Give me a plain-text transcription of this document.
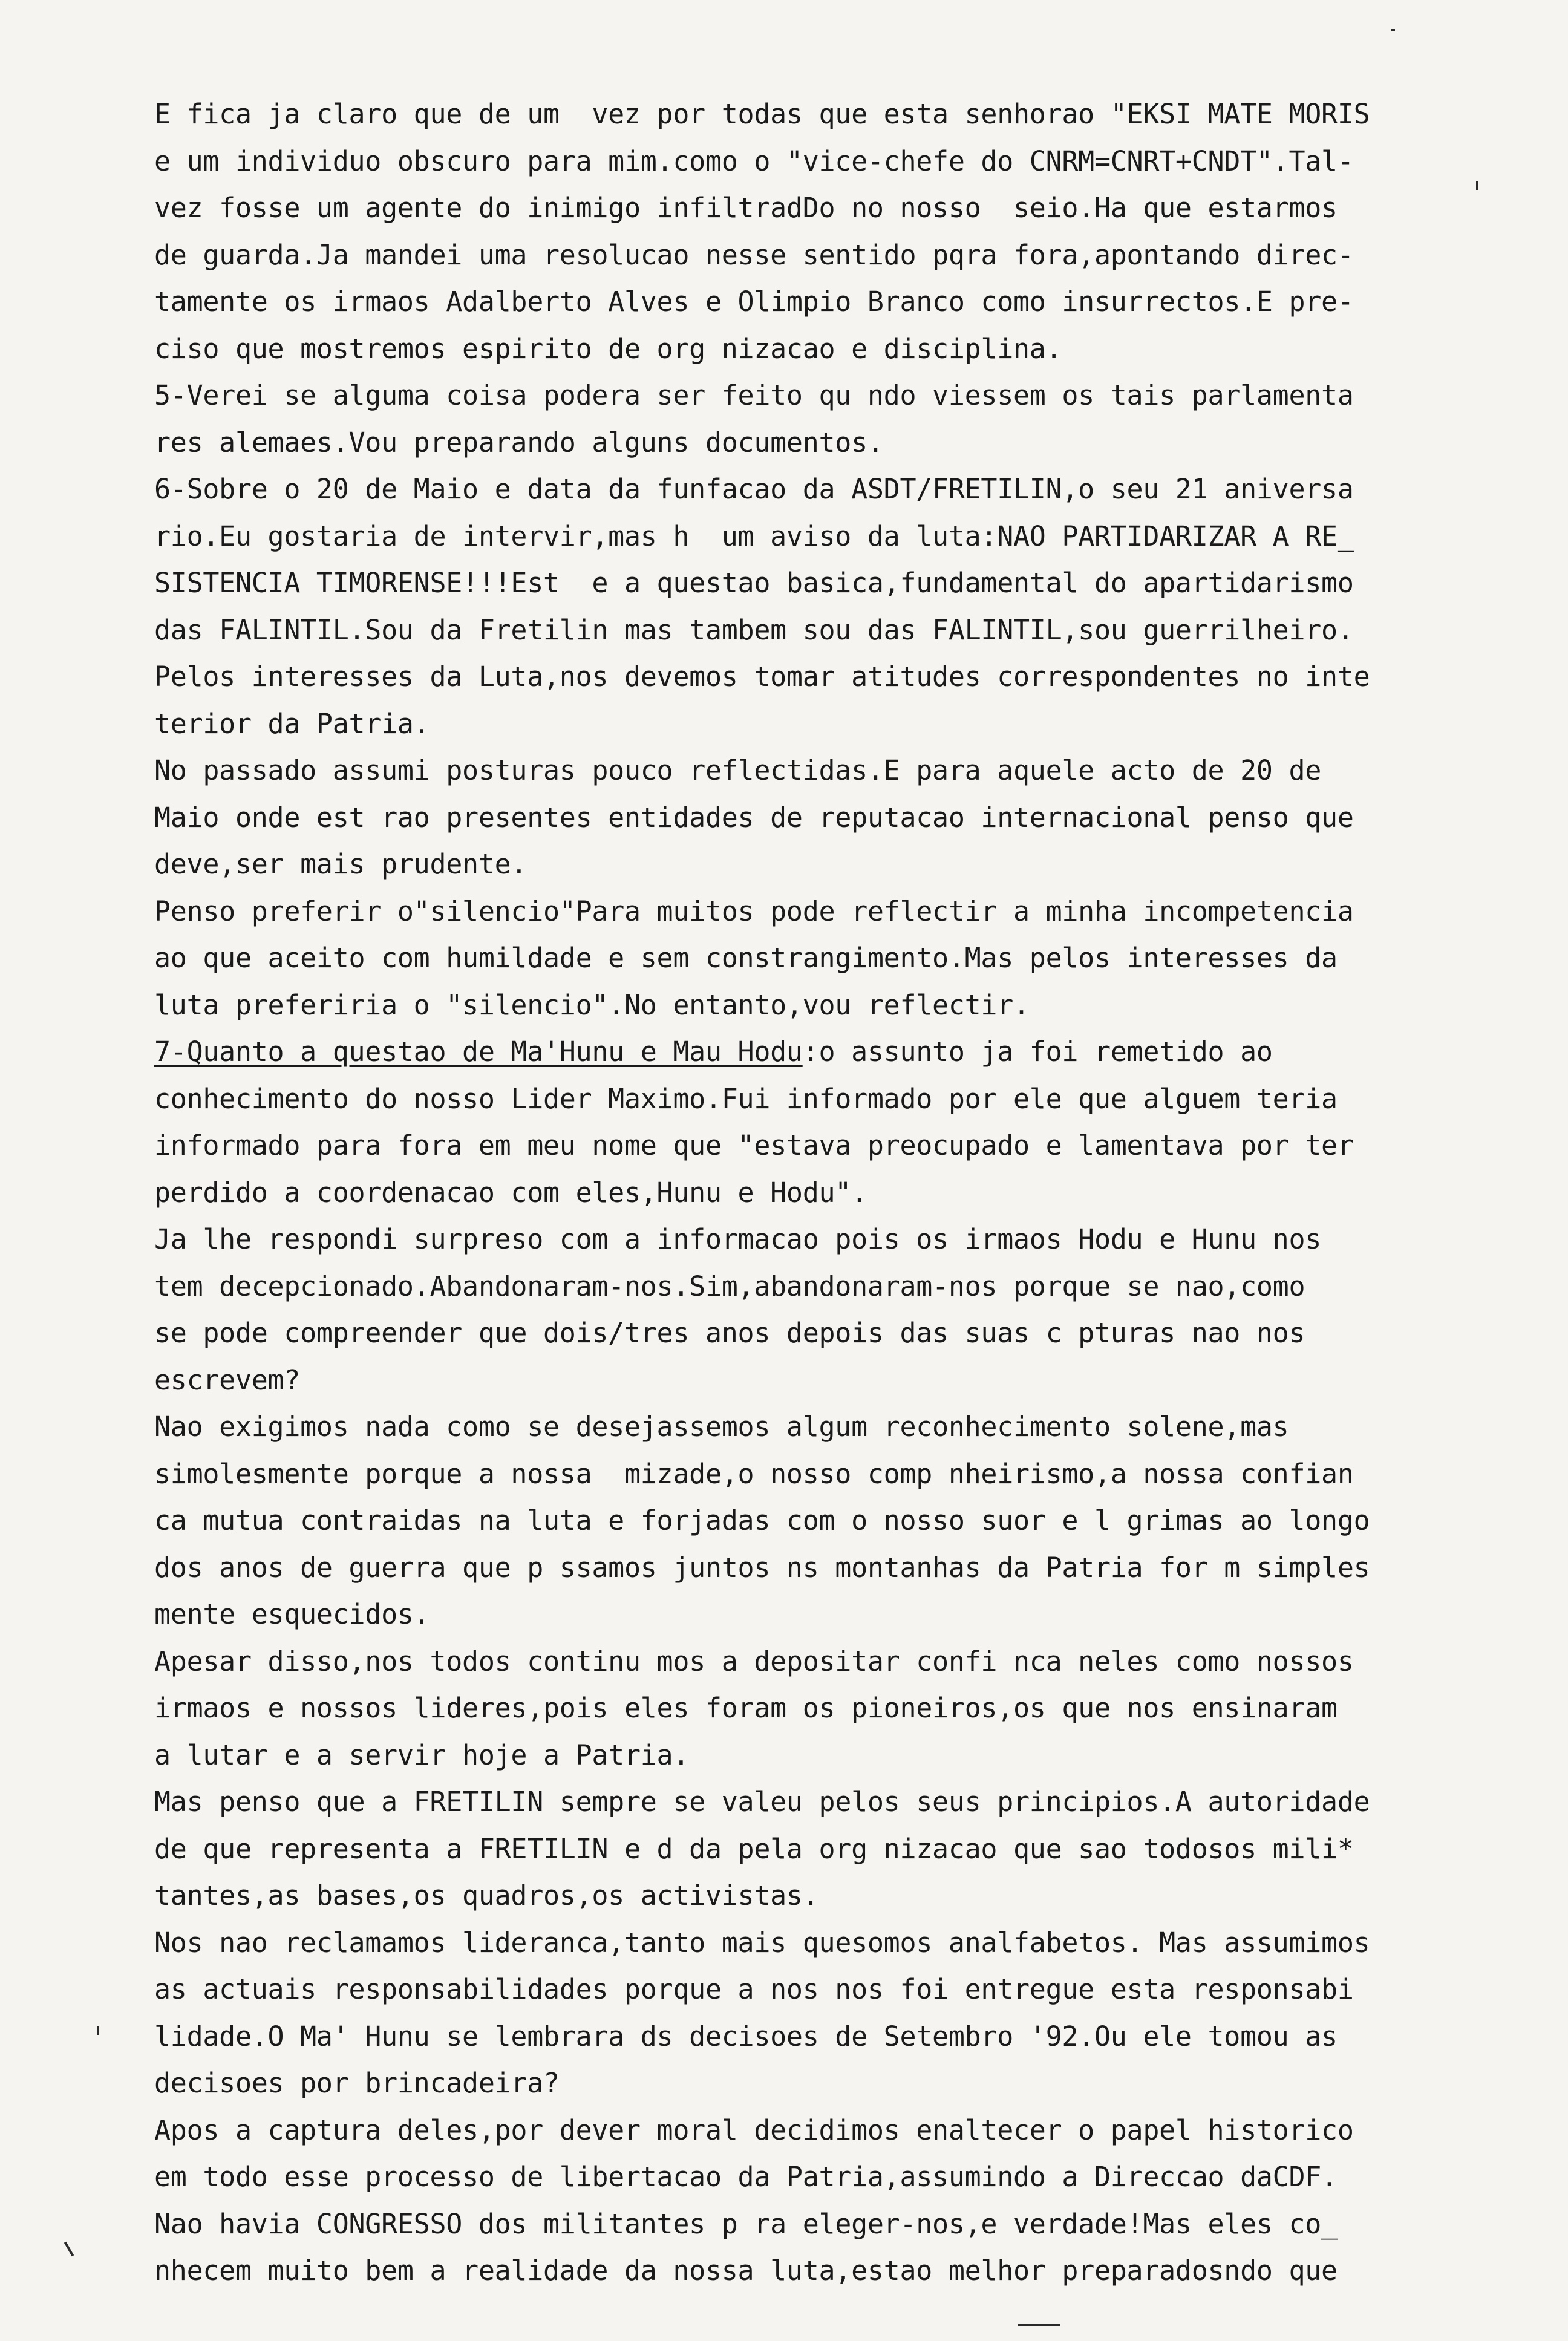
E fica ja claro que de um  vez por todas que esta senhorao "EKSI MATE MORIS
e um individuo obscuro para mim.como o "vice-chefe do CNRM=CNRT+CNDT".Tal-
vez fosse um agente do inimigo infiltradDo no nosso  seio.Ha que estarmos
de guarda.Ja mandei uma resolucao nesse sentido pqra fora,apontando direc-
tamente os irmaos Adalberto Alves e Olimpio Branco como insurrectos.E pre-
ciso que mostremos espirito de org nizacao e disciplina.
5-Verei se alguma coisa podera ser feito qu ndo viessem os tais parlamenta
res alemaes.Vou preparando alguns documentos.
6-Sobre o 20 de Maio e data da funfacao da ASDT/FRETILIN,o seu 21 aniversa
rio.Eu gostaria de intervir,mas h  um aviso da luta:NAO PARTIDARIZAR A RE_
SISTENCIA TIMORENSE!!!Est  e a questao basica,fundamental do apartidarismo
das FALINTIL.Sou da Fretilin mas tambem sou das FALINTIL,sou guerrilheiro.
Pelos interesses da Luta,nos devemos tomar atitudes correspondentes no inte
terior da Patria.
No passado assumi posturas pouco reflectidas.E para aquele acto de 20 de
Maio onde est rao presentes entidades de reputacao internacional penso que
deve,ser mais prudente.
Penso preferir o"silencio"Para muitos pode reflectir a minha incompetencia
ao que aceito com humildade e sem constrangimento.Mas pelos interesses da
luta preferiria o "silencio".No entanto,vou reflectir.
7-Quanto a questao de Ma'Hunu e Mau Hodu:o assunto ja foi remetido ao
conhecimento do nosso Lider Maximo.Fui informado por ele que alguem teria
informado para fora em meu nome que "estava preocupado e lamentava por ter
perdido a coordenacao com eles,Hunu e Hodu".
Ja lhe respondi surpreso com a informacao pois os irmaos Hodu e Hunu nos
tem decepcionado.Abandonaram-nos.Sim,abandonaram-nos porque se nao,como
se pode compreender que dois/tres anos depois das suas c pturas nao nos
escrevem?
Nao exigimos nada como se desejassemos algum reconhecimento solene,mas
simolesmente porque a nossa  mizade,o nosso comp nheirismo,a nossa confian
ca mutua contraidas na luta e forjadas com o nosso suor e l grimas ao longo
dos anos de guerra que p ssamos juntos ns montanhas da Patria for m simples
mente esquecidos.
Apesar disso,nos todos continu mos a depositar confi nca neles como nossos
irmaos e nossos lideres,pois eles foram os pioneiros,os que nos ensinaram
a lutar e a servir hoje a Patria.
Mas penso que a FRETILIN sempre se valeu pelos seus principios.A autoridade
de que representa a FRETILIN e d da pela org nizacao que sao todosos mili*
tantes,as bases,os quadros,os activistas.
Nos nao reclamamos lideranca,tanto mais quesomos analfabetos. Mas assumimos
as actuais responsabilidades porque a nos nos foi entregue esta responsabi
lidade.O Ma' Hunu se lembrara ds decisoes de Setembro '92.Ou ele tomou as
decisoes por brincadeira?
Apos a captura deles,por dever moral decidimos enaltecer o papel historico
em todo esse processo de libertacao da Patria,assumindo a Direccao daCDF.
Nao havia CONGRESSO dos militantes p ra eleger-nos,e verdade!Mas eles co_
nhecem muito bem a realidade da nossa luta,estao melhor preparadosndo que
